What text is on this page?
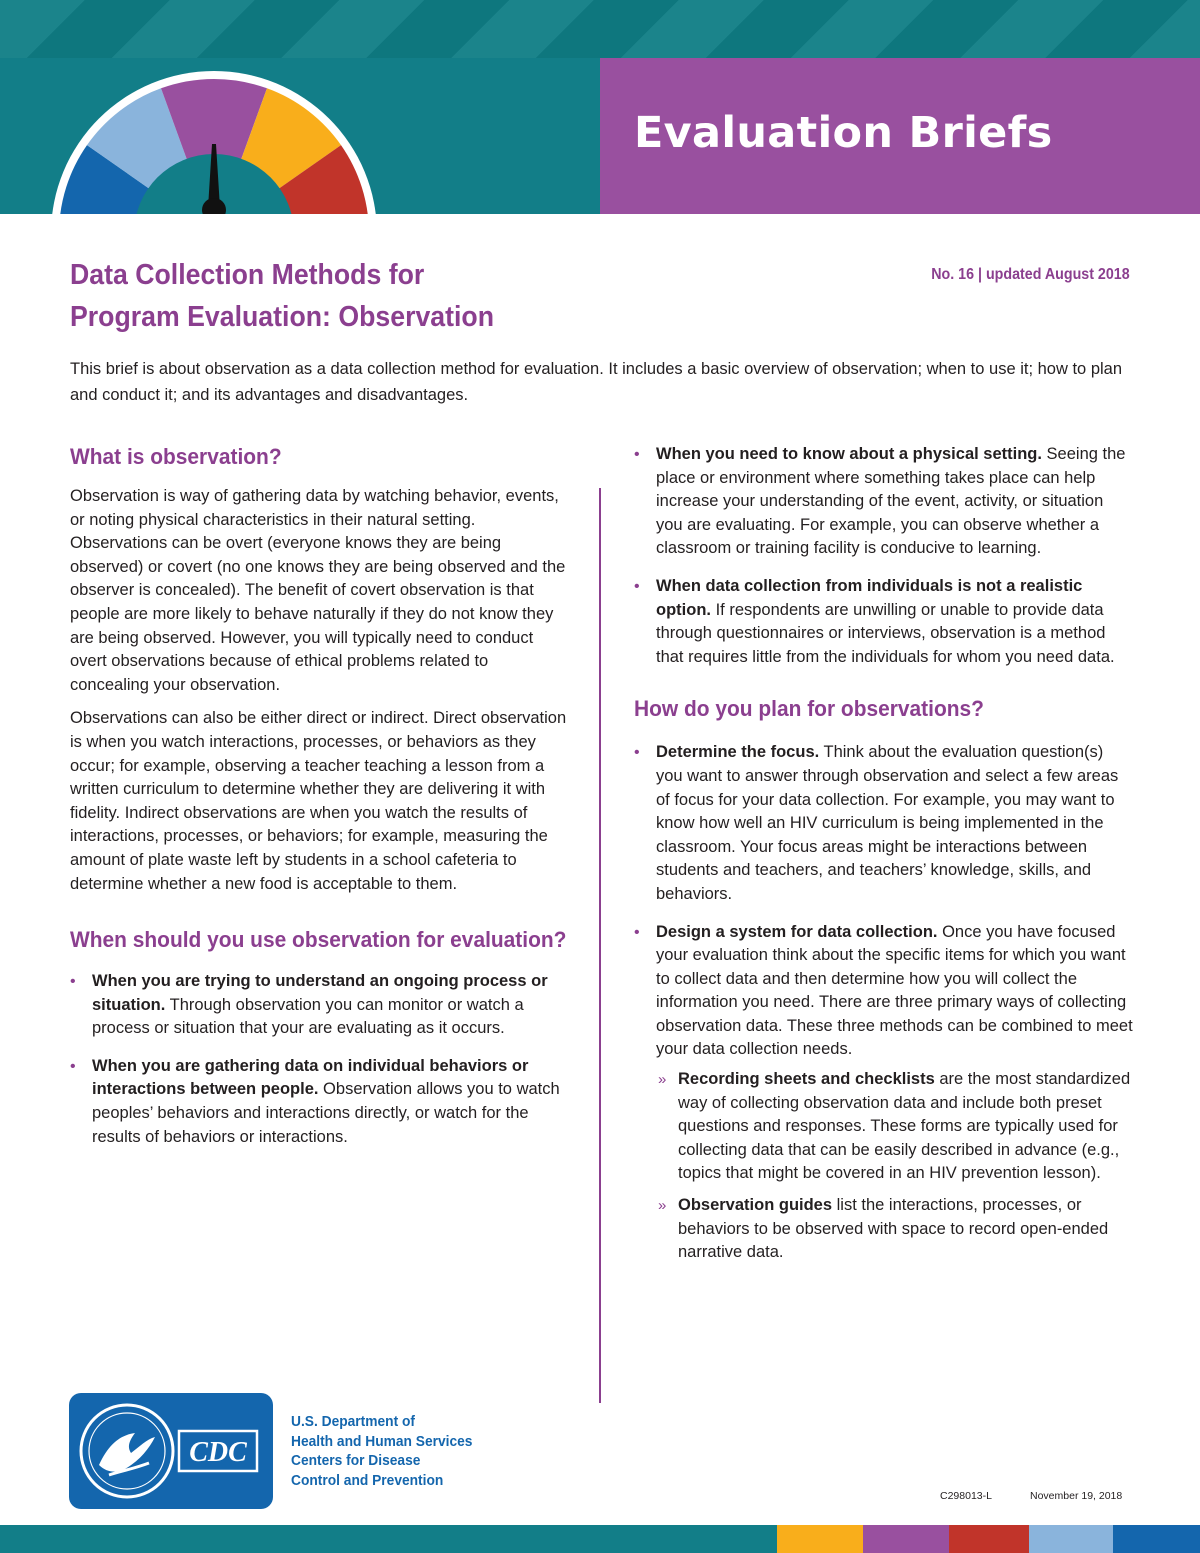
Evaluation Briefs
Data Collection Methods for
Program Evaluation: Observation
No. 16 | updated August 2018
This brief is about observation as a data collection method for evaluation. It includes a basic overview of observation; when to use it; how to plan and conduct it; and its advantages and disadvantages.
What is observation?

Observation is way of gathering data by watching behavior, events, or noting physical characteristics in their natural setting. Observations can be overt (everyone knows they are being observed) or covert (no one knows they are being observed and the observer is concealed). The benefit of covert observation is that people are more likely to behave naturally if they do not know they are being observed. However, you will typically need to conduct overt observations because of ethical problems related to concealing your observation.

Observations can also be either direct or indirect. Direct observation is when you watch interactions, processes, or behaviors as they occur; for example, observing a teacher teaching a lesson from a written curriculum to determine whether they are delivering it with fidelity. Indirect observations are when you watch the results of interactions, processes, or behaviors; for example, measuring the amount of plate waste left by students in a school cafeteria to determine whether a new food is acceptable to them.

When should you use observation for evaluation?
• When you are trying to understand an ongoing process or situation. Through observation you can monitor or watch a process or situation that your are evaluating as it occurs.
• When you are gathering data on individual behaviors or interactions between people. Observation allows you to watch peoples’ behaviors and interactions directly, or watch for the results of behaviors or interactions.
• When you need to know about a physical setting. Seeing the place or environment where something takes place can help increase your understanding of the event, activity, or situation you are evaluating. For example, you can observe whether a classroom or training facility is conducive to learning.
• When data collection from individuals is not a realistic option. If respondents are unwilling or unable to provide data through questionnaires or interviews, observation is a method that requires little from the individuals for whom you need data.
How do you plan for observations?
• Determine the focus. Think about the evaluation question(s) you want to answer through observation and select a few areas of focus for your data collection. For example, you may want to know how well an HIV curriculum is being implemented in the classroom. Your focus areas might be interactions between students and teachers, and teachers’ knowledge, skills, and behaviors.
• Design a system for data collection. Once you have focused your evaluation think about the specific items for which you want to collect data and then determine how you will collect the information you need. There are three primary ways of collecting observation data. These three methods can be combined to meet your data collection needs.
» Recording sheets and checklists are the most standardized way of collecting observation data and include both preset questions and responses. These forms are typically used for collecting data that can be easily described in advance (e.g., topics that might be covered in an HIV prevention lesson).
» Observation guides list the interactions, processes, or behaviors to be observed with space to record open-ended narrative data.
CDC
U.S. Department of
Health and Human Services
Centers for Disease
Control and Prevention
C298013-L	November 19, 2018
